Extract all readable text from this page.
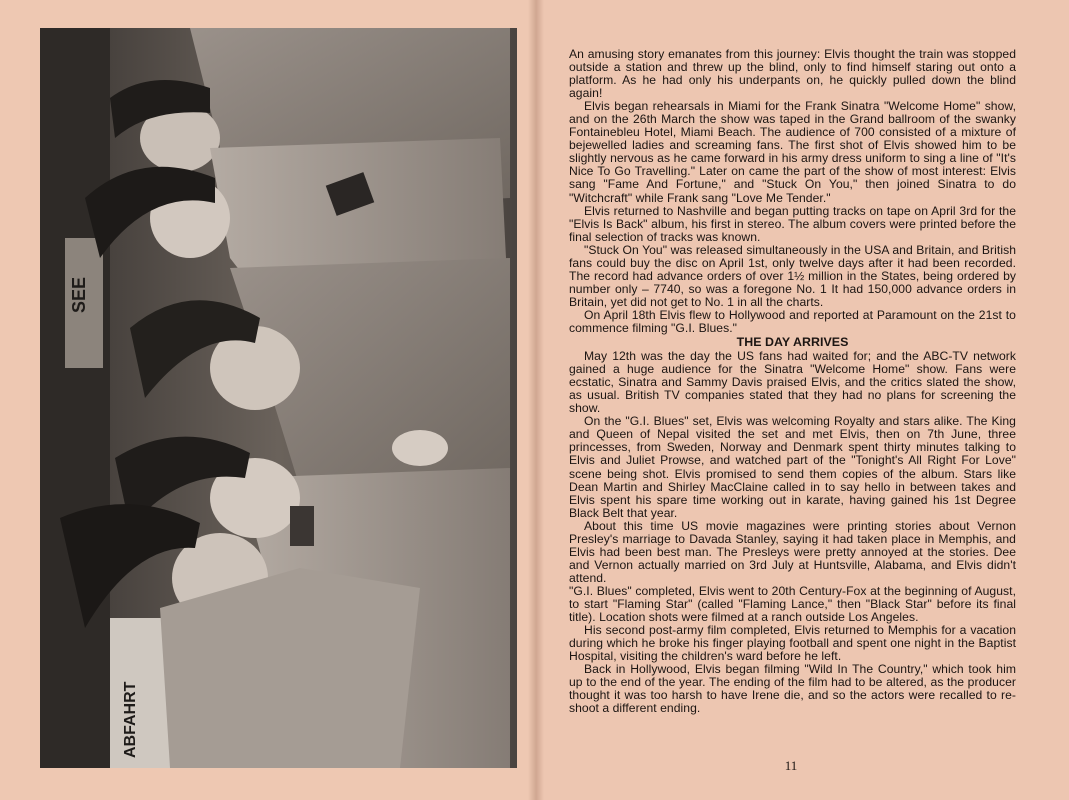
SEE
ABFAHRT

An amusing story emanates from this journey: Elvis thought the train was stopped outside a station and threw up the blind, only to find himself staring out onto a platform. As he had only his underpants on, he quickly pulled down the blind again!

Elvis began rehearsals in Miami for the Frank Sinatra "Welcome Home" show, and on the 26th March the show was taped in the Grand ballroom of the swanky Fontainebleu Hotel, Miami Beach. The audience of 700 consisted of a mixture of bejewelled ladies and screaming fans. The first shot of Elvis showed him to be slightly nervous as he came forward in his army dress uniform to sing a line of "It's Nice To Go Travelling." Later on came the part of the show of most interest: Elvis sang "Fame And Fortune," and "Stuck On You," then joined Sinatra to do "Witchcraft" while Frank sang "Love Me Tender."

Elvis returned to Nashville and began putting tracks on tape on April 3rd for the "Elvis Is Back" album, his first in stereo. The album covers were printed before the final selection of tracks was known.

"Stuck On You" was released simultaneously in the USA and Britain, and British fans could buy the disc on April 1st, only twelve days after it had been recorded. The record had advance orders of over 1½ million in the States, being ordered by number only – 7740, so was a foregone No. 1 It had 150,000 advance orders in Britain, yet did not get to No. 1 in all the charts.

On April 18th Elvis flew to Hollywood and reported at Paramount on the 21st to commence filming "G.I. Blues."

THE DAY ARRIVES

May 12th was the day the US fans had waited for; and the ABC-TV network gained a huge audience for the Sinatra "Welcome Home" show. Fans were ecstatic, Sinatra and Sammy Davis praised Elvis, and the critics slated the show, as usual. British TV companies stated that they had no plans for screening the show.

On the "G.I. Blues" set, Elvis was welcoming Royalty and stars alike. The King and Queen of Nepal visited the set and met Elvis, then on 7th June, three princesses, from Sweden, Norway and Denmark spent thirty minutes talking to Elvis and Juliet Prowse, and watched part of the "Tonight's All Right For Love" scene being shot. Elvis promised to send them copies of the album. Stars like Dean Martin and Shirley MacClaine called in to say hello in between takes and Elvis spent his spare time working out in karate, having gained his 1st Degree Black Belt that year.

About this time US movie magazines were printing stories about Vernon Presley's marriage to Davada Stanley, saying it had taken place in Memphis, and Elvis had been best man. The Presleys were pretty annoyed at the stories. Dee and Vernon actually married on 3rd July at Huntsville, Alabama, and Elvis didn't attend.

"G.I. Blues" completed, Elvis went to 20th Century-Fox at the beginning of August, to start "Flaming Star" (called "Flaming Lance," then "Black Star" before its final title). Location shots were filmed at a ranch outside Los Angeles.

His second post-army film completed, Elvis returned to Memphis for a vacation during which he broke his finger playing football and spent one night in the Baptist Hospital, visiting the children's ward before he left.

Back in Hollywood, Elvis began filming "Wild In The Country," which took him up to the end of the year. The ending of the film had to be altered, as the producer thought it was too harsh to have Irene die, and so the actors were recalled to re-shoot a different ending.

11
